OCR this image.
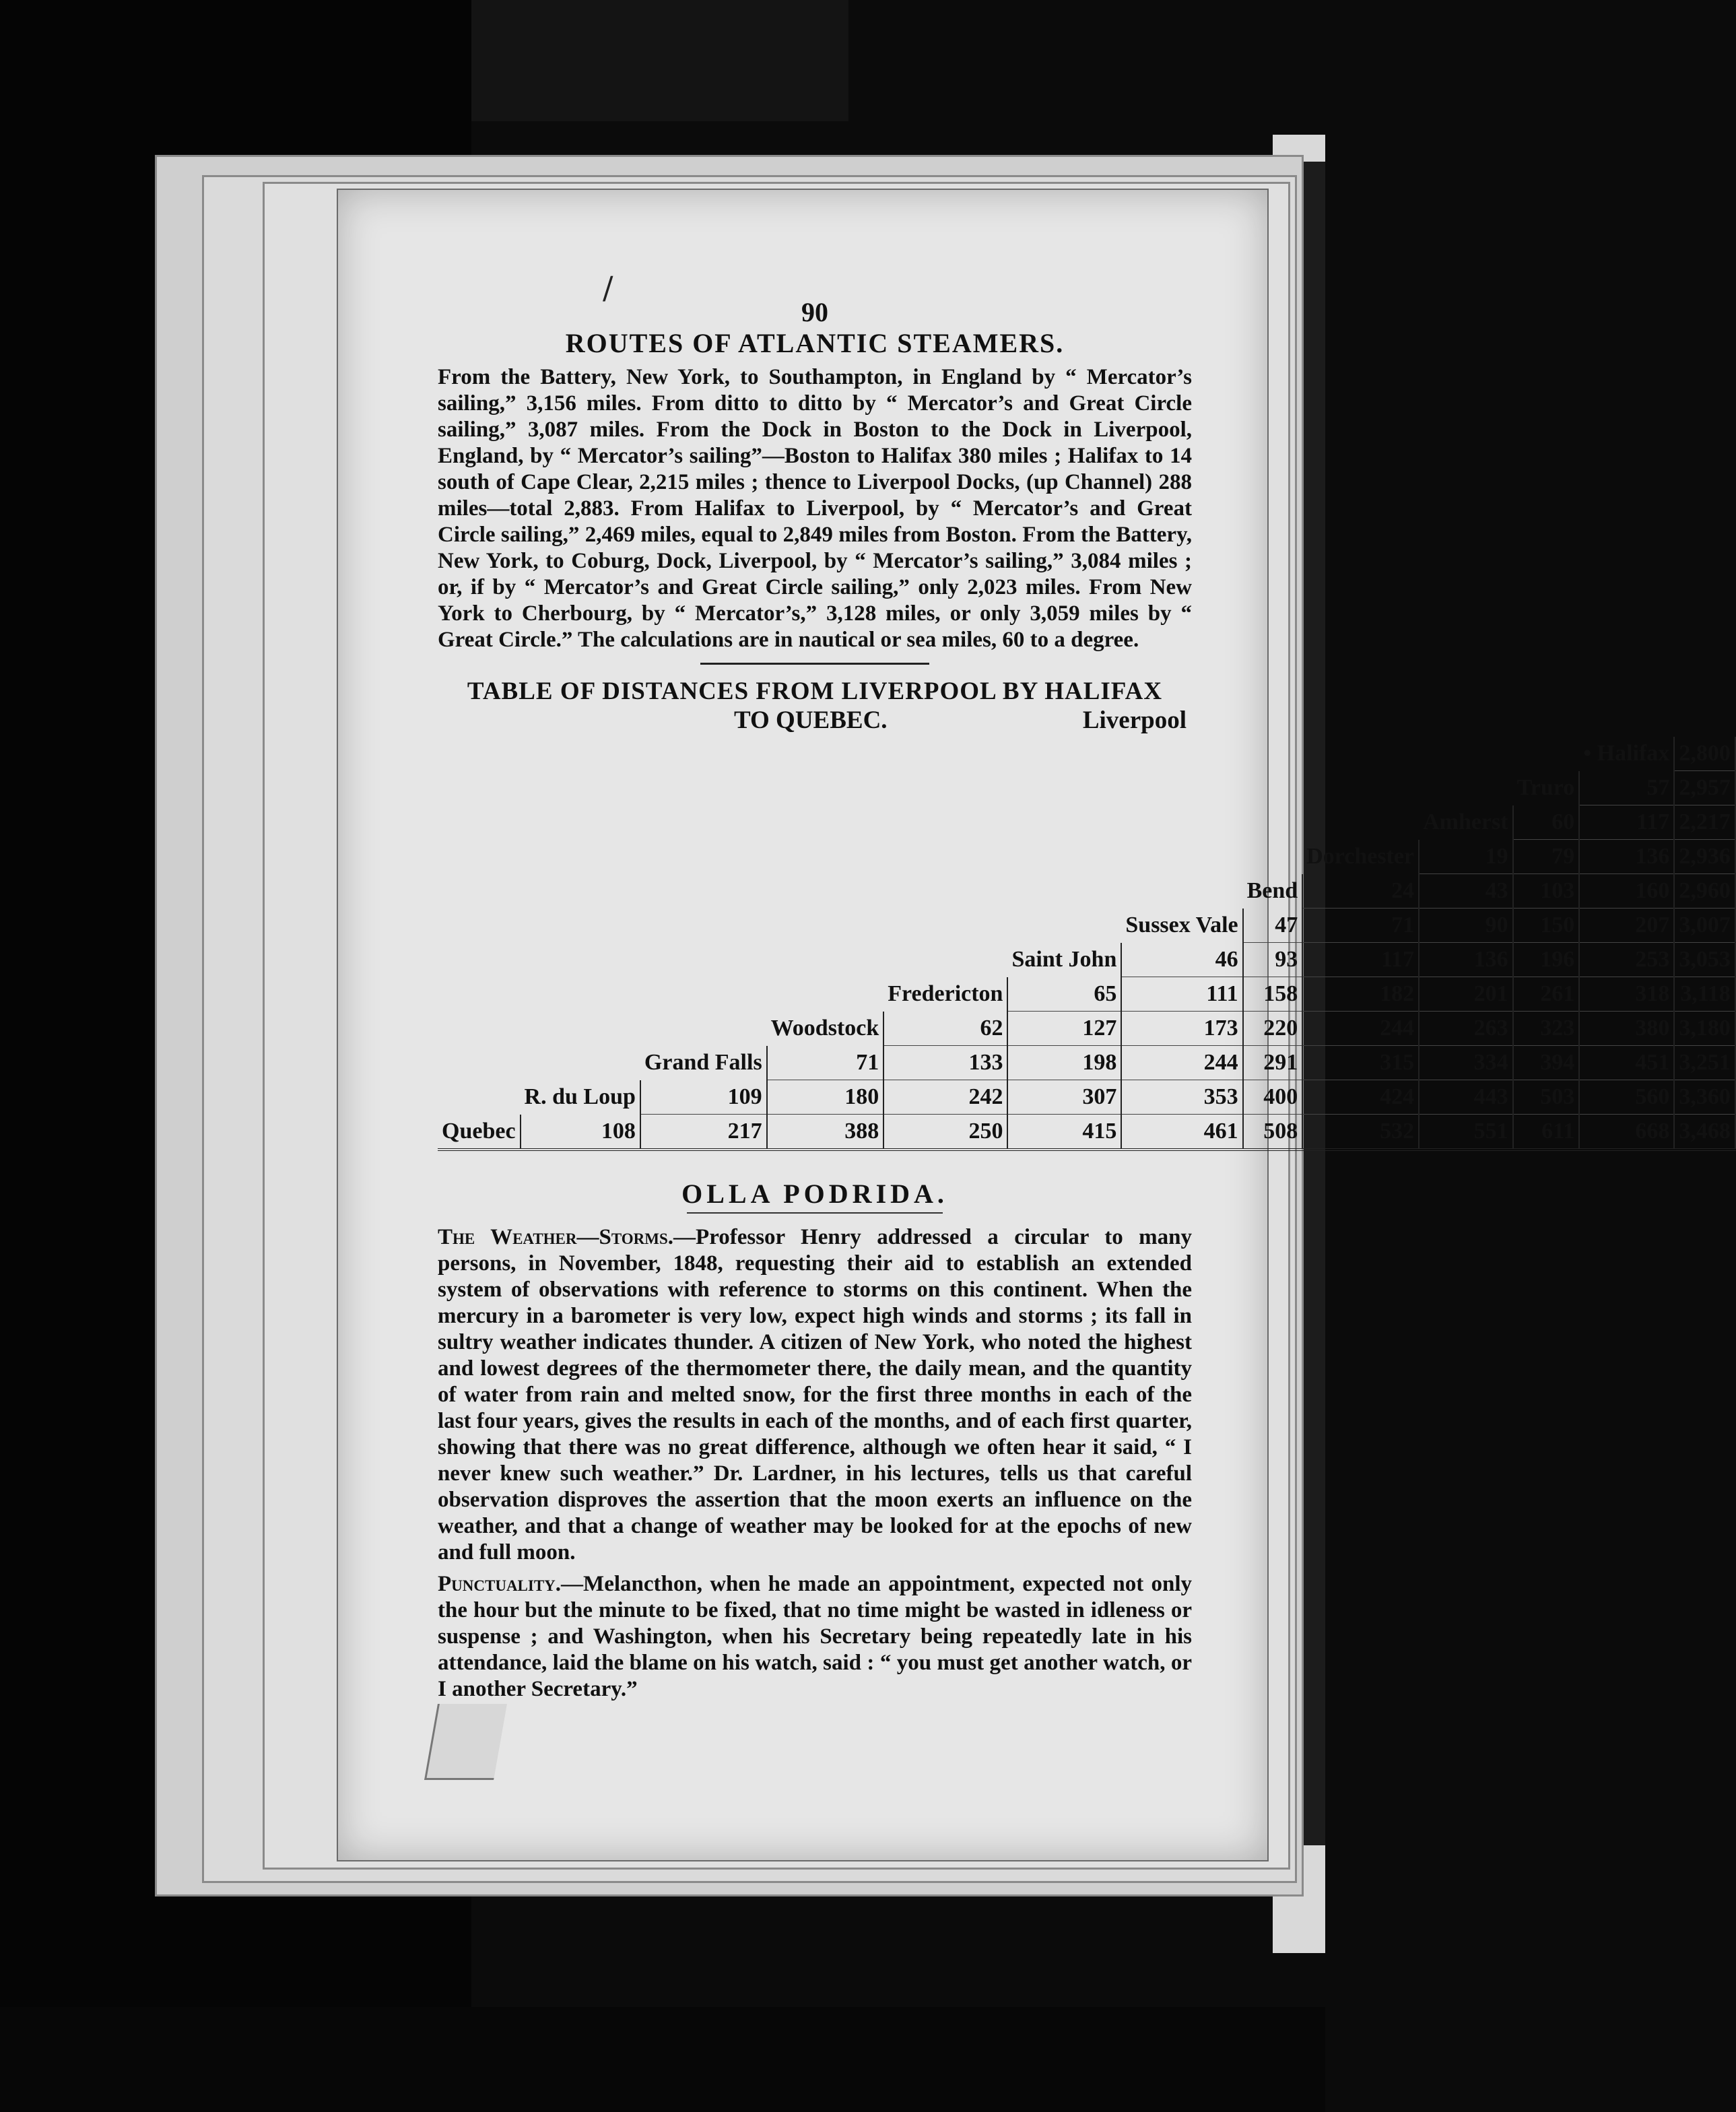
/
90
ROUTES OF ATLANTIC STEAMERS.

From the Battery, New York, to Southampton, in England by “ Mercator’s sailing,” 3,156 miles. From ditto to ditto by “ Mercator’s and Great Circle sailing,” 3,087 miles. From the Dock in Boston to the Dock in Liverpool, England, by “ Mercator’s sailing”—Boston to Halifax 380 miles ; Halifax to 14 south of Cape Clear, 2,215 miles ; thence to Liverpool Docks, (up Channel) 288 miles—total 2,883. From Halifax to Liverpool, by “ Mercator’s and Great Circle sailing,” 2,469 miles, equal to 2,849 miles from Boston. From the Battery, New York, to Coburg, Dock, Liverpool, by “ Mercator’s sailing,” 3,084 miles ; or, if by “ Mercator’s and Great Circle sailing,” only 2,023 miles. From New York to Cherbourg, by “ Mercator’s,” 3,128 miles, or only 3,059 miles by “ Great Circle.” The calculations are in nautical or sea miles, 60 to a degree.

TABLE OF DISTANCES FROM LIVERPOOL BY HALIFAX
TO QUEBEC.	Liverpool
											• Halifax	2,800
										Truro	57	2,957
									Amherst	60	117	2,217
								Dorchester	19	79	136	2,936
							Bend	24	43	103	160	2,960
						Sussex Vale	47	71	90	150	207	3,007
					Saint John	46	93	117	136	196	253	3,053
				Fredericton	65	111	158	182	201	261	318	3,118
			Woodstock	62	127	173	220	244	263	323	380	3,180
		Grand Falls	71	133	198	244	291	315	334	394	451	3,251
	R. du Loup	109	180	242	307	353	400	424	443	503	560	3,360
Quebec	108	217	388	250	415	461	508	532	551	611	668	3,468
OLLA PODRIDA.

The Weather—Storms.—Professor Henry addressed a circular to many persons, in November, 1848, requesting their aid to establish an extended system of observations with reference to storms on this continent. When the mercury in a barometer is very low, expect high winds and storms ; its fall in sultry weather indicates thunder. A citizen of New York, who noted the highest and lowest degrees of the thermometer there, the daily mean, and the quantity of water from rain and melted snow, for the first three months in each of the last four years, gives the results in each of the months, and of each first quarter, showing that there was no great difference, although we often hear it said, “ I never knew such weather.” Dr. Lardner, in his lectures, tells us that careful observation disproves the assertion that the moon exerts an influence on the weather, and that a change of weather may be looked for at the epochs of new and full moon.

Punctuality.—Melancthon, when he made an appointment, expected not only the hour but the minute to be fixed, that no time might be wasted in idleness or suspense ; and Washington, when his Secretary being repeatedly late in his attendance, laid the blame on his watch, said : “ you must get another watch, or I another Secretary.”
